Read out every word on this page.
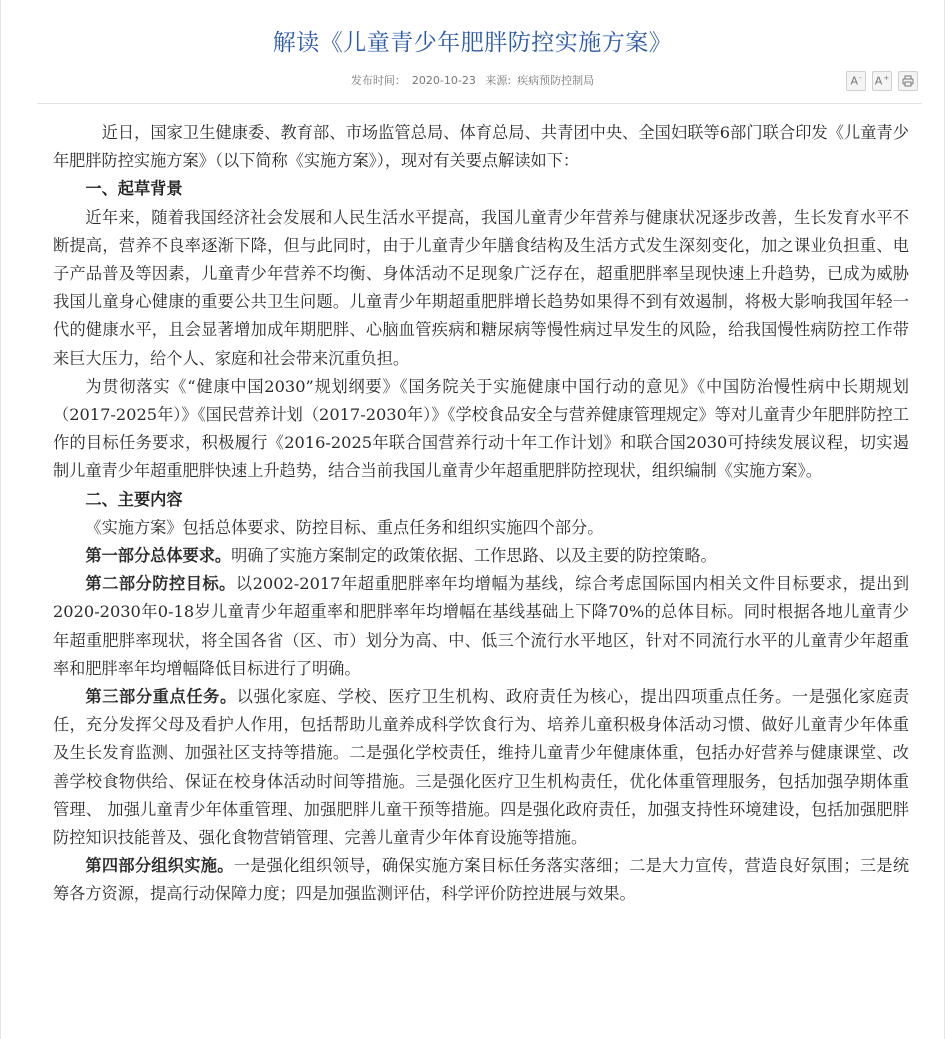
解读《儿童青少年肥胖防控实施方案》
发布时间： 2020-10-23 来源: 疾病预防控制局	A- A+

近日，国家卫生健康委、教育部、市场监管总局、体育总局、共青团中央、全国妇联等6部门联合印发《儿童青少年肥胖防控实施方案》（以下简称《实施方案》），现对有关要点解读如下：

一、起草背景

近年来，随着我国经济社会发展和人民生活水平提高，我国儿童青少年营养与健康状况逐步改善，生长发育水平不断提高，营养不良率逐渐下降，但与此同时，由于儿童青少年膳食结构及生活方式发生深刻变化，加之课业负担重、电子产品普及等因素，儿童青少年营养不均衡、身体活动不足现象广泛存在，超重肥胖率呈现快速上升趋势，已成为威胁我国儿童身心健康的重要公共卫生问题。儿童青少年期超重肥胖增长趋势如果得不到有效遏制，将极大影响我国年轻一代的健康水平，且会显著增加成年期肥胖、心脑血管疾病和糖尿病等慢性病过早发生的风险，给我国慢性病防控工作带来巨大压力，给个人、家庭和社会带来沉重负担。

为贯彻落实《“健康中国2030”规划纲要》《国务院关于实施健康中国行动的意见》《中国防治慢性病中长期规划（2017-2025年）》《国民营养计划（2017-2030年）》《学校食品安全与营养健康管理规定》等对儿童青少年肥胖防控工作的目标任务要求，积极履行《2016-2025年联合国营养行动十年工作计划》和联合国2030可持续发展议程，切实遏制儿童青少年超重肥胖快速上升趋势，结合当前我国儿童青少年超重肥胖防控现状，组织编制《实施方案》。

二、主要内容

《实施方案》包括总体要求、防控目标、重点任务和组织实施四个部分。

第一部分总体要求。明确了实施方案制定的政策依据、工作思路、以及主要的防控策略。

第二部分防控目标。以2002-2017年超重肥胖率年均增幅为基线，综合考虑国际国内相关文件目标要求，提出到2020-2030年0-18岁儿童青少年超重率和肥胖率年均增幅在基线基础上下降70%的总体目标。同时根据各地儿童青少年超重肥胖率现状，将全国各省（区、市）划分为高、中、低三个流行水平地区，针对不同流行水平的儿童青少年超重率和肥胖率年均增幅降低目标进行了明确。

第三部分重点任务。以强化家庭、学校、医疗卫生机构、政府责任为核心，提出四项重点任务。一是强化家庭责任，充分发挥父母及看护人作用，包括帮助儿童养成科学饮食行为、培养儿童积极身体活动习惯、做好儿童青少年体重及生长发育监测、加强社区支持等措施。二是强化学校责任，维持儿童青少年健康体重，包括办好营养与健康课堂、改善学校食物供给、保证在校身体活动时间等措施。三是强化医疗卫生机构责任，优化体重管理服务，包括加强孕期体重管理、 加强儿童青少年体重管理、加强肥胖儿童干预等措施。四是强化政府责任，加强支持性环境建设，包括加强肥胖防控知识技能普及、强化食物营销管理、完善儿童青少年体育设施等措施。

第四部分组织实施。一是强化组织领导，确保实施方案目标任务落实落细；二是大力宣传，营造良好氛围；三是统筹各方资源，提高行动保障力度；四是加强监测评估，科学评价防控进展与效果。
